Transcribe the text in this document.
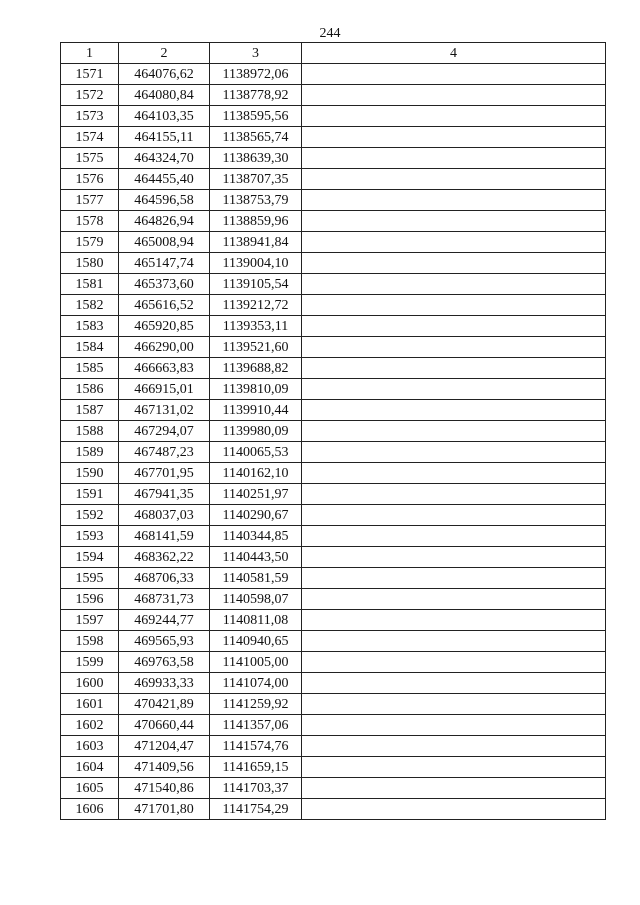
244
1	2	3	4
1571	464076,62	1138972,06	
1572	464080,84	1138778,92	
1573	464103,35	1138595,56	
1574	464155,11	1138565,74	
1575	464324,70	1138639,30	
1576	464455,40	1138707,35	
1577	464596,58	1138753,79	
1578	464826,94	1138859,96	
1579	465008,94	1138941,84	
1580	465147,74	1139004,10	
1581	465373,60	1139105,54	
1582	465616,52	1139212,72	
1583	465920,85	1139353,11	
1584	466290,00	1139521,60	
1585	466663,83	1139688,82	
1586	466915,01	1139810,09	
1587	467131,02	1139910,44	
1588	467294,07	1139980,09	
1589	467487,23	1140065,53	
1590	467701,95	1140162,10	
1591	467941,35	1140251,97	
1592	468037,03	1140290,67	
1593	468141,59	1140344,85	
1594	468362,22	1140443,50	
1595	468706,33	1140581,59	
1596	468731,73	1140598,07	
1597	469244,77	1140811,08	
1598	469565,93	1140940,65	
1599	469763,58	1141005,00	
1600	469933,33	1141074,00	
1601	470421,89	1141259,92	
1602	470660,44	1141357,06	
1603	471204,47	1141574,76	
1604	471409,56	1141659,15	
1605	471540,86	1141703,37	
1606	471701,80	1141754,29	
